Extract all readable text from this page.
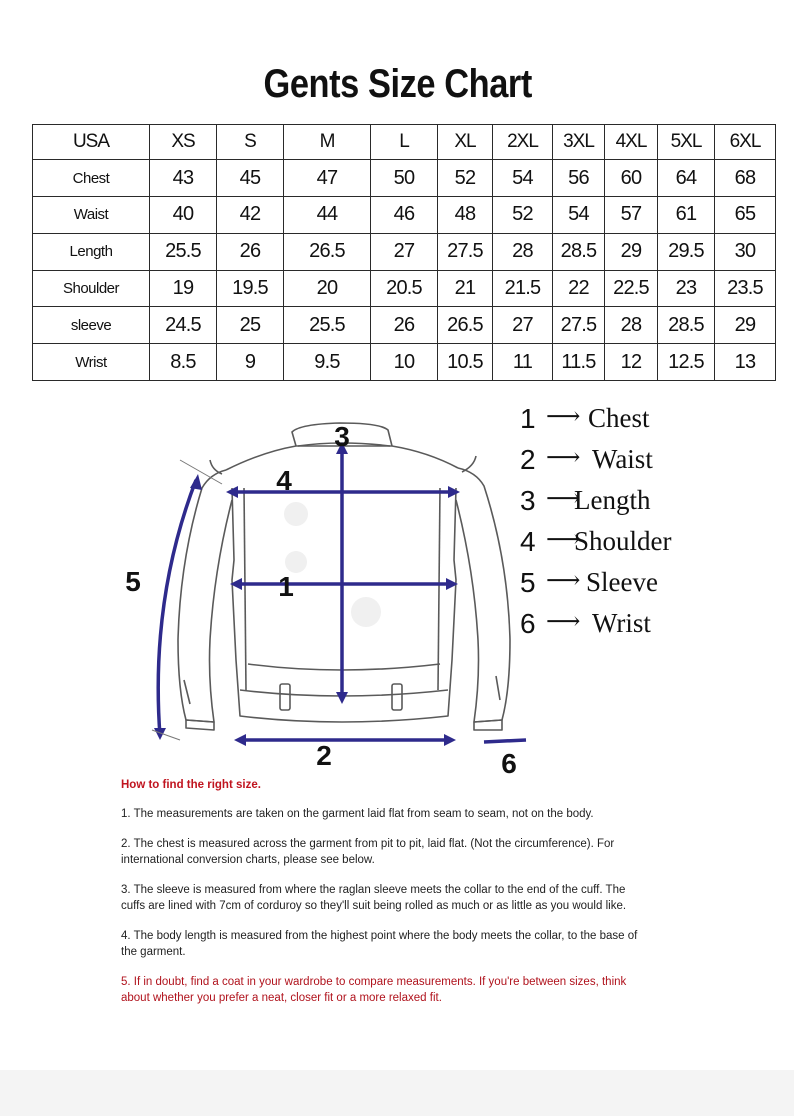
Gents Size Chart
USA	XS	S	M	L	XL	2XL	3XL	4XL	5XL	6XL
Chest	43	45	47	50	52	54	56	60	64	68
Waist	40	42	44	46	48	52	54	57	61	65
Length	25.5	26	26.5	27	27.5	28	28.5	29	29.5	30
Shoulder	19	19.5	20	20.5	21	21.5	22	22.5	23	23.5
sleeve	24.5	25	25.5	26	26.5	27	27.5	28	28.5	29
Wrist	8.5	9	9.5	10	10.5	11	11.5	12	12.5	13
1
2
3
4
5
6
1 ⟶ Chest
2 ⟶ Waist
3 ⟶
Length
4 ⟶
Shoulder
5 ⟶ Sleeve
6 ⟶ Wrist
How to find the right size.

1. The measurements are taken on the garment laid flat from seam to seam, not on the body.

2. The chest is measured across the garment from pit to pit, laid flat. (Not the circumference). For international conversion charts, please see below.

3. The sleeve is measured from where the raglan sleeve meets the collar to the end of the cuff. The cuffs are lined with 7cm of corduroy so they'll suit being rolled as much or as little as you would like.

4. The body length is measured from the highest point where the body meets the collar, to the base of the garment.

5. If in doubt, find a coat in your wardrobe to compare measurements. If you're between sizes, think about whether you prefer a neat, closer fit or a more relaxed fit.
